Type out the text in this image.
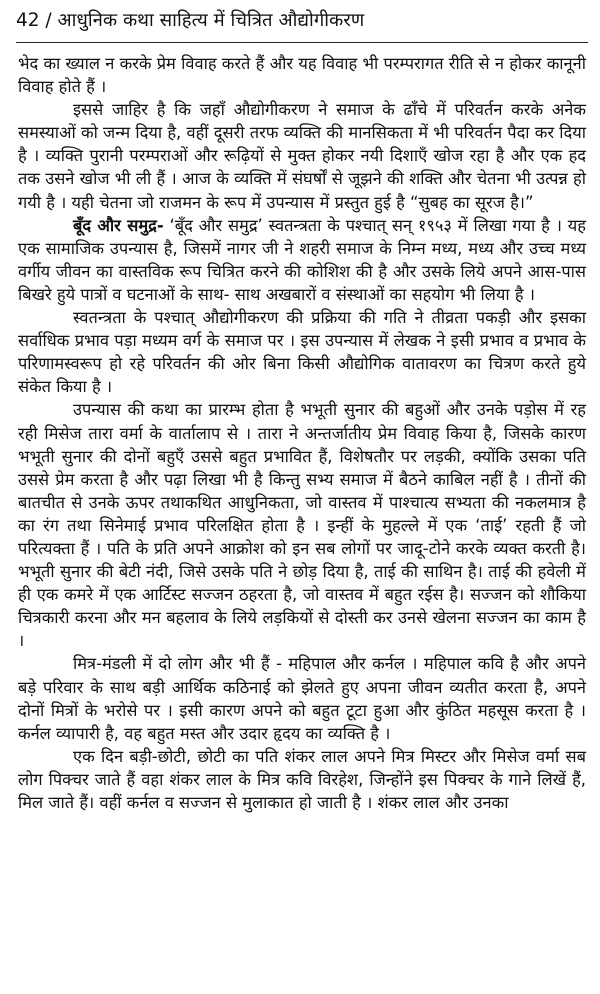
42 / आधुनिक कथा साहित्य में चित्रित औद्योगीकरण

भेद का ख्याल न करके प्रेम विवाह करते हैं और यह विवाह भी परम्परागत रीति से न होकर कानूनी विवाह होते हैं ।

इससे जाहिर है कि जहाँ औद्योगीकरण ने समाज के ढाँचे में परिवर्तन करके अनेक समस्याओं को जन्म दिया है, वहीं दूसरी तरफ व्यक्ति की मानसिकता में भी परिवर्तन पैदा कर दिया है । व्यक्ति पुरानी परम्पराओं और रूढ़ियों से मुक्त होकर नयी दिशाएँ खोज रहा है और एक हद तक उसने खोज भी ली हैं । आज के व्यक्ति में संघर्षों से जूझने की शक्ति और चेतना भी उत्पन्न हो गयी है । यही चेतना जो राजमन के रूप में उपन्यास में प्रस्तुत हुई है “सुबह का सूरज है।”

बूँद और समुद्र- ‘बूँद और समुद्र’ स्वतन्त्रता के पश्चात् सन् १९५३ में लिखा गया है । यह एक सामाजिक उपन्यास है, जिसमें नागर जी ने शहरी समाज के निम्न मध्य, मध्य और उच्च मध्य वर्गीय जीवन का वास्तविक रूप चित्रित करने की कोशिश की है और उसके लिये अपने आस-पास बिखरे हुये पात्रों व घटनाओं के साथ- साथ अखबारों व संस्थाओं का सहयोग भी लिया है ।

स्वतन्त्रता के पश्चात् औद्योगीकरण की प्रक्रिया की गति ने तीव्रता पकड़ी और इसका सर्वाधिक प्रभाव पड़ा मध्यम वर्ग के समाज पर । इस उपन्यास में लेखक ने इसी प्रभाव व प्रभाव के परिणामस्वरूप हो रहे परिवर्तन की ओर बिना किसी औद्योगिक वातावरण का चित्रण करते हुये संकेत किया है ।

उपन्यास की कथा का प्रारम्भ होता है भभूती सुनार की बहुओं और उनके पड़ोस में रह रही मिसेज तारा वर्मा के वार्तालाप से । तारा ने अन्तर्जातीय प्रेम विवाह किया है, जिसके कारण भभूती सुनार की दोनों बहुएँ उससे बहुत प्रभावित हैं, विशेषतौर पर लड़की, क्योंकि उसका पति उससे प्रेम करता है और पढ़ा लिखा भी है किन्तु सभ्य समाज में बैठने काबिल नहीं है । तीनों की बातचीत से उनके ऊपर तथाकथित आधुनिकता, जो वास्तव में पाश्चात्य सभ्यता की नकलमात्र है का रंग तथा सिनेमाई प्रभाव परिलक्षित होता है । इन्हीं के मुहल्ले में एक ‘ताई’ रहती हैं जो परित्यक्ता हैं । पति के प्रति अपने आक्रोश को इन सब लोगों पर जादू-टोने करके व्यक्त करती है। भभूती सुनार की बेटी नंदी, जिसे उसके पति ने छोड़ दिया है, ताई की साथिन है। ताई की हवेली में ही एक कमरे में एक आर्टिस्ट सज्जन ठहरता है, जो वास्तव में बहुत रईस है। सज्जन को शौकिया चित्रकारी करना और मन बहलाव के लिये लड़कियों से दोस्ती कर उनसे खेलना सज्जन का काम है ।

मित्र-मंडली में दो लोग और भी हैं - महिपाल और कर्नल । महिपाल कवि है और अपने बड़े परिवार के साथ बड़ी आर्थिक कठिनाई को झेलते हुए अपना जीवन व्यतीत करता है, अपने दोनों मित्रों के भरोसे पर । इसी कारण अपने को बहुत टूटा हुआ और कुंठित महसूस करता है । कर्नल व्यापारी है, वह बहुत मस्त और उदार हृदय का व्यक्ति है ।

एक दिन बड़ी-छोटी, छोटी का पति शंकर लाल अपने मित्र मिस्टर और मिसेज वर्मा सब लोग पिक्चर जाते हैं वहा शंकर लाल के मित्र कवि विरहेश, जिन्होंने इस पिक्चर के गाने लिखें हैं, मिल जाते हैं। वहीं कर्नल व सज्जन से मुलाकात हो जाती है । शंकर लाल और उनका
